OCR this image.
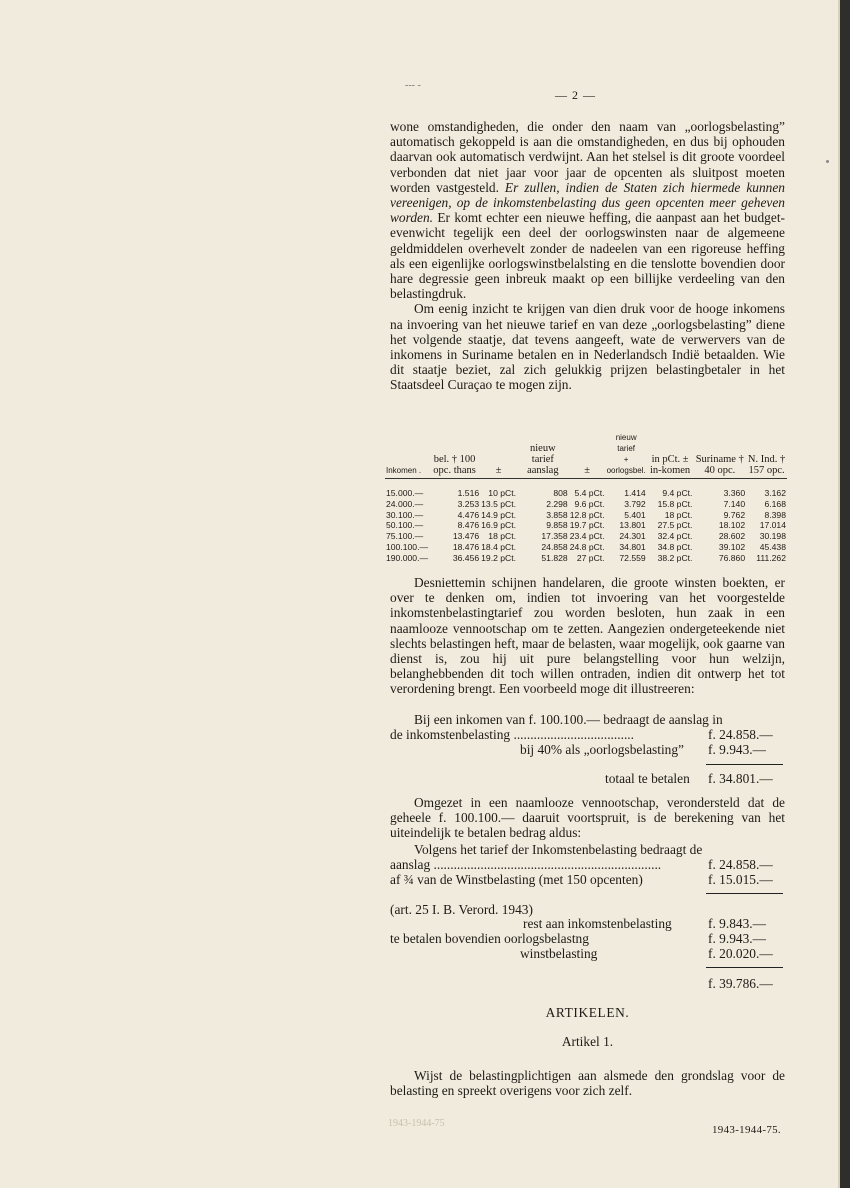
--- -
— 2 —

wone omstandigheden, die onder den naam van „oorlogsbelasting” automatisch gekoppeld is aan die omstandigheden, en dus bij ophouden daarvan ook automatisch verdwijnt. Aan het stelsel is dit groote voordeel verbonden dat niet jaar voor jaar de opcenten als sluitpost moeten worden vastgesteld. Er zullen, indien de Staten zich hiermede kunnen vereenigen, op de inkomstenbelasting dus geen opcenten meer geheven worden. Er komt echter een nieuwe heffing, die aanpast aan het budget-evenwicht tegelijk een deel der oorlogswinsten naar de algemeene geldmiddelen overhevelt zonder de nadeelen van een rigoreuse heffing als een eigenlijke oorlogswinstbelalsting en die tenslotte bovendien door hare degressie geen inbreuk maakt op een billijke verdeeling van den belastingdruk.

Om eenig inzicht te krijgen van dien druk voor de hooge inkomens na invoering van het nieuwe tarief en van deze „oorlogsbelasting” diene het volgende staatje, dat tevens aangeeft, wate de verwervers van de inkomens in Suriname betalen en in Nederlandsch Indië betaalden. Wie dit staatje beziet, zal zich gelukkig prijzen belastingbetaler in het Staatsdeel Curaçao te mogen zijn.

Inkomen .	bel. † 100 opc. thans	±	nieuw tarief aanslag	±	nieuw tarief
+ oorlogsbel.	in pCt. ± in-komen	Suriname † 40 opc.	N. Ind. † 157 opc.
15.000.—	1.516	10 pCt.	808	5.4 pCt.	1.414	9.4 pCt.	3.360	3.162
24.000.—	3.253	13.5 pCt.	2.298	9.6 pCt.	3.792	15.8 pCt.	7.140	6.168
30.100.—	4.476	14.9 pCt.	3.858	12.8 pCt.	5.401	18 pCt.	9.762	8.398
50.100.—	8.476	16.9 pCt.	9.858	19.7 pCt.	13.801	27.5 pCt.	18.102	17.014
75.100.—	13.476	18 pCt.	17.358	23.4 pCt.	24.301	32.4 pCt.	28.602	30.198
100.100.—	18.476	18.4 pCt.	24.858	24.8 pCt.	34.801	34.8 pCt.	39.102	45.438
190.000.—	36.456	19.2 pCt.	51.828	27 pCt.	72.559	38.2 pCt.	76.860	111.262

Desniettemin schijnen handelaren, die groote winsten boekten, er over te denken om, indien tot invoering van het voorgestelde inkomstenbelastingtarief zou worden besloten, hun zaak in een naamlooze vennootschap om te zetten. Aangezien ondergeteekende niet slechts belastingen heft, maar de belasten, waar mogelijk, ook gaarne van dienst is, zou hij uit pure belangstelling voor hun welzijn, belanghebbenden dit toch willen ontraden, indien dit ontwerp het tot verordening brengt. Een voorbeeld moge dit illustreeren:

Bij een inkomen van f. 100.100.— bedraagt de aanslag in
de inkomstenbelasting ....................................	f. 24.858.—
bij 40% als „oorlogsbelasting” f. 9.943.—
totaal te betalen f. 34.801.—

Omgezet in een naamlooze vennootschap, verondersteld dat de geheele f. 100.100.— daaruit voortspruit, is de berekening van het uiteindelijk te betalen bedrag aldus:

Volgens het tarief der Inkomstenbelasting bedraagt de
aanslag ....................................................................	f. 24.858.—
af ¾ van de Winstbelasting (met 150 opcenten)	f. 15.015.—
(art. 25 I. B. Verord. 1943)
rest aan inkomstenbelasting	f. 9.843.—
te betalen bovendien oorlogsbelastng	f. 9.943.—
winstbelasting	f. 20.020.—
f. 39.786.—
ARTIKELEN.
Artikel 1.

Wijst de belastingplichtigen aan alsmede den grondslag voor de belasting en spreekt overigens voor zich zelf.

1943-1944-75
1943-1944-75.
